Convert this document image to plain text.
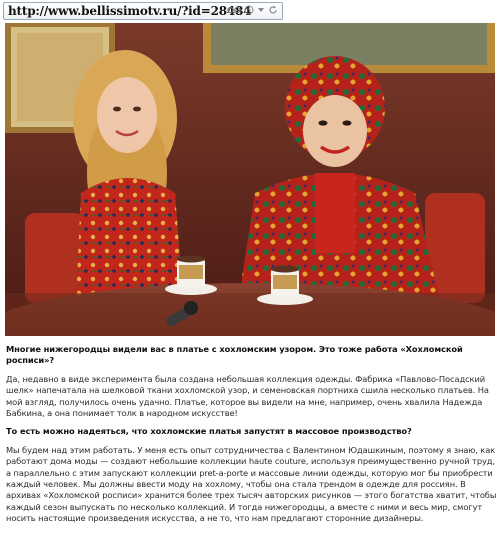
http://www.bellissimotv.ru/?id=28484

Многие нижегородцы видели вас в платье с хохломским узором. Это тоже работа «Хохломской росписи»?

Да, недавно в виде эксперимента была создана небольшая коллекция одежды. Фабрика «Павлово-Посадский шелк» напечатала на шелковой ткани хохломской узор, и семеновская портниха сшила несколько платьев. На мой взгляд, получилось очень удачно. Платье, которое вы видели на мне, например, очень хвалила Надежда Бабкина, а она понимает толк в народном искусстве!

То есть можно надеяться, что хохломские платья запустят в массовое производство?

Мы будем над этим работать. У меня есть опыт сотрудничества с Валентином Юдашкиным, поэтому я знаю, как работают дома моды — создают небольшие коллекции haute couture, используя преимущественно ручной труд, а параллельно с этим запускают коллекции pret-a-porte и массовые линии одежды, которую мог бы приобрести каждый человек. Мы должны ввести моду на хохлому, чтобы она стала трендом в одежде для россиян. В архивах «Хохломской росписи» хранится более трех тысяч авторских рисунков — этого богатства хватит, чтобы каждый сезон выпускать по несколько коллекций. И тогда нижегородцы, а вместе с ними и весь мир, смогут носить настоящие произведения искусства, а не то, что нам предлагают сторонние дизайнеры.
